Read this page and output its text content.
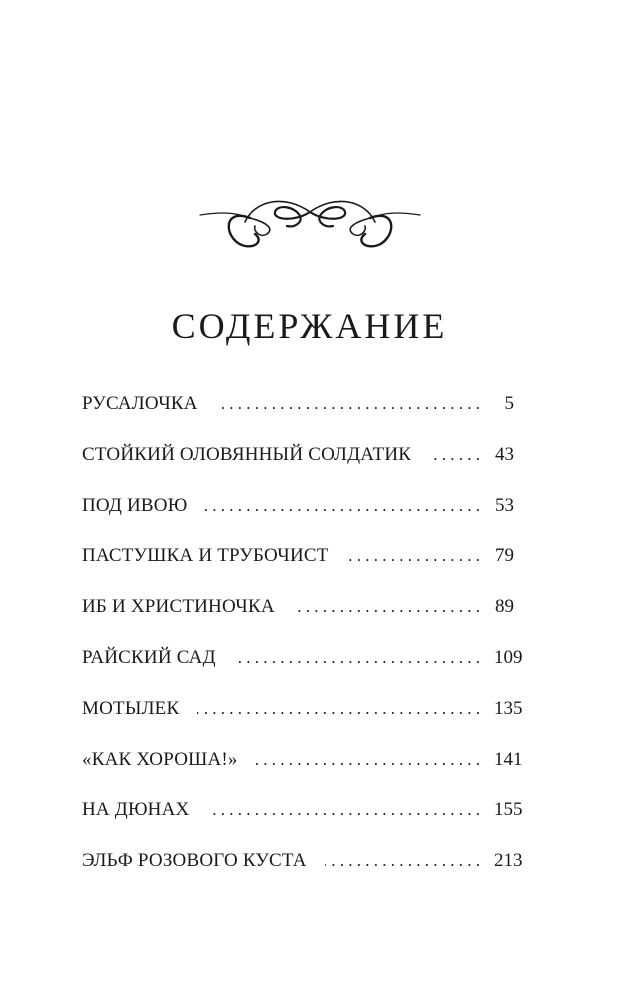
СОДЕРЖАНИЕ
РУСАЛОЧКА . . .	5
СТОЙКИЙ ОЛОВЯННЫЙ СОЛДАТИК . . .	43
ПОД ИВОЮ . . .	53
ПАСТУШКА И ТРУБОЧИСТ . . .	79
ИБ И ХРИСТИНОЧКА . . .	89
РАЙСКИЙ САД . . .	109
МОТЫЛЕК . . .	135
«КАК ХОРОША!» . . .	141
НА ДЮНАХ . . .	155
ЭЛЬФ РОЗОВОГО КУСТА . . .	213
